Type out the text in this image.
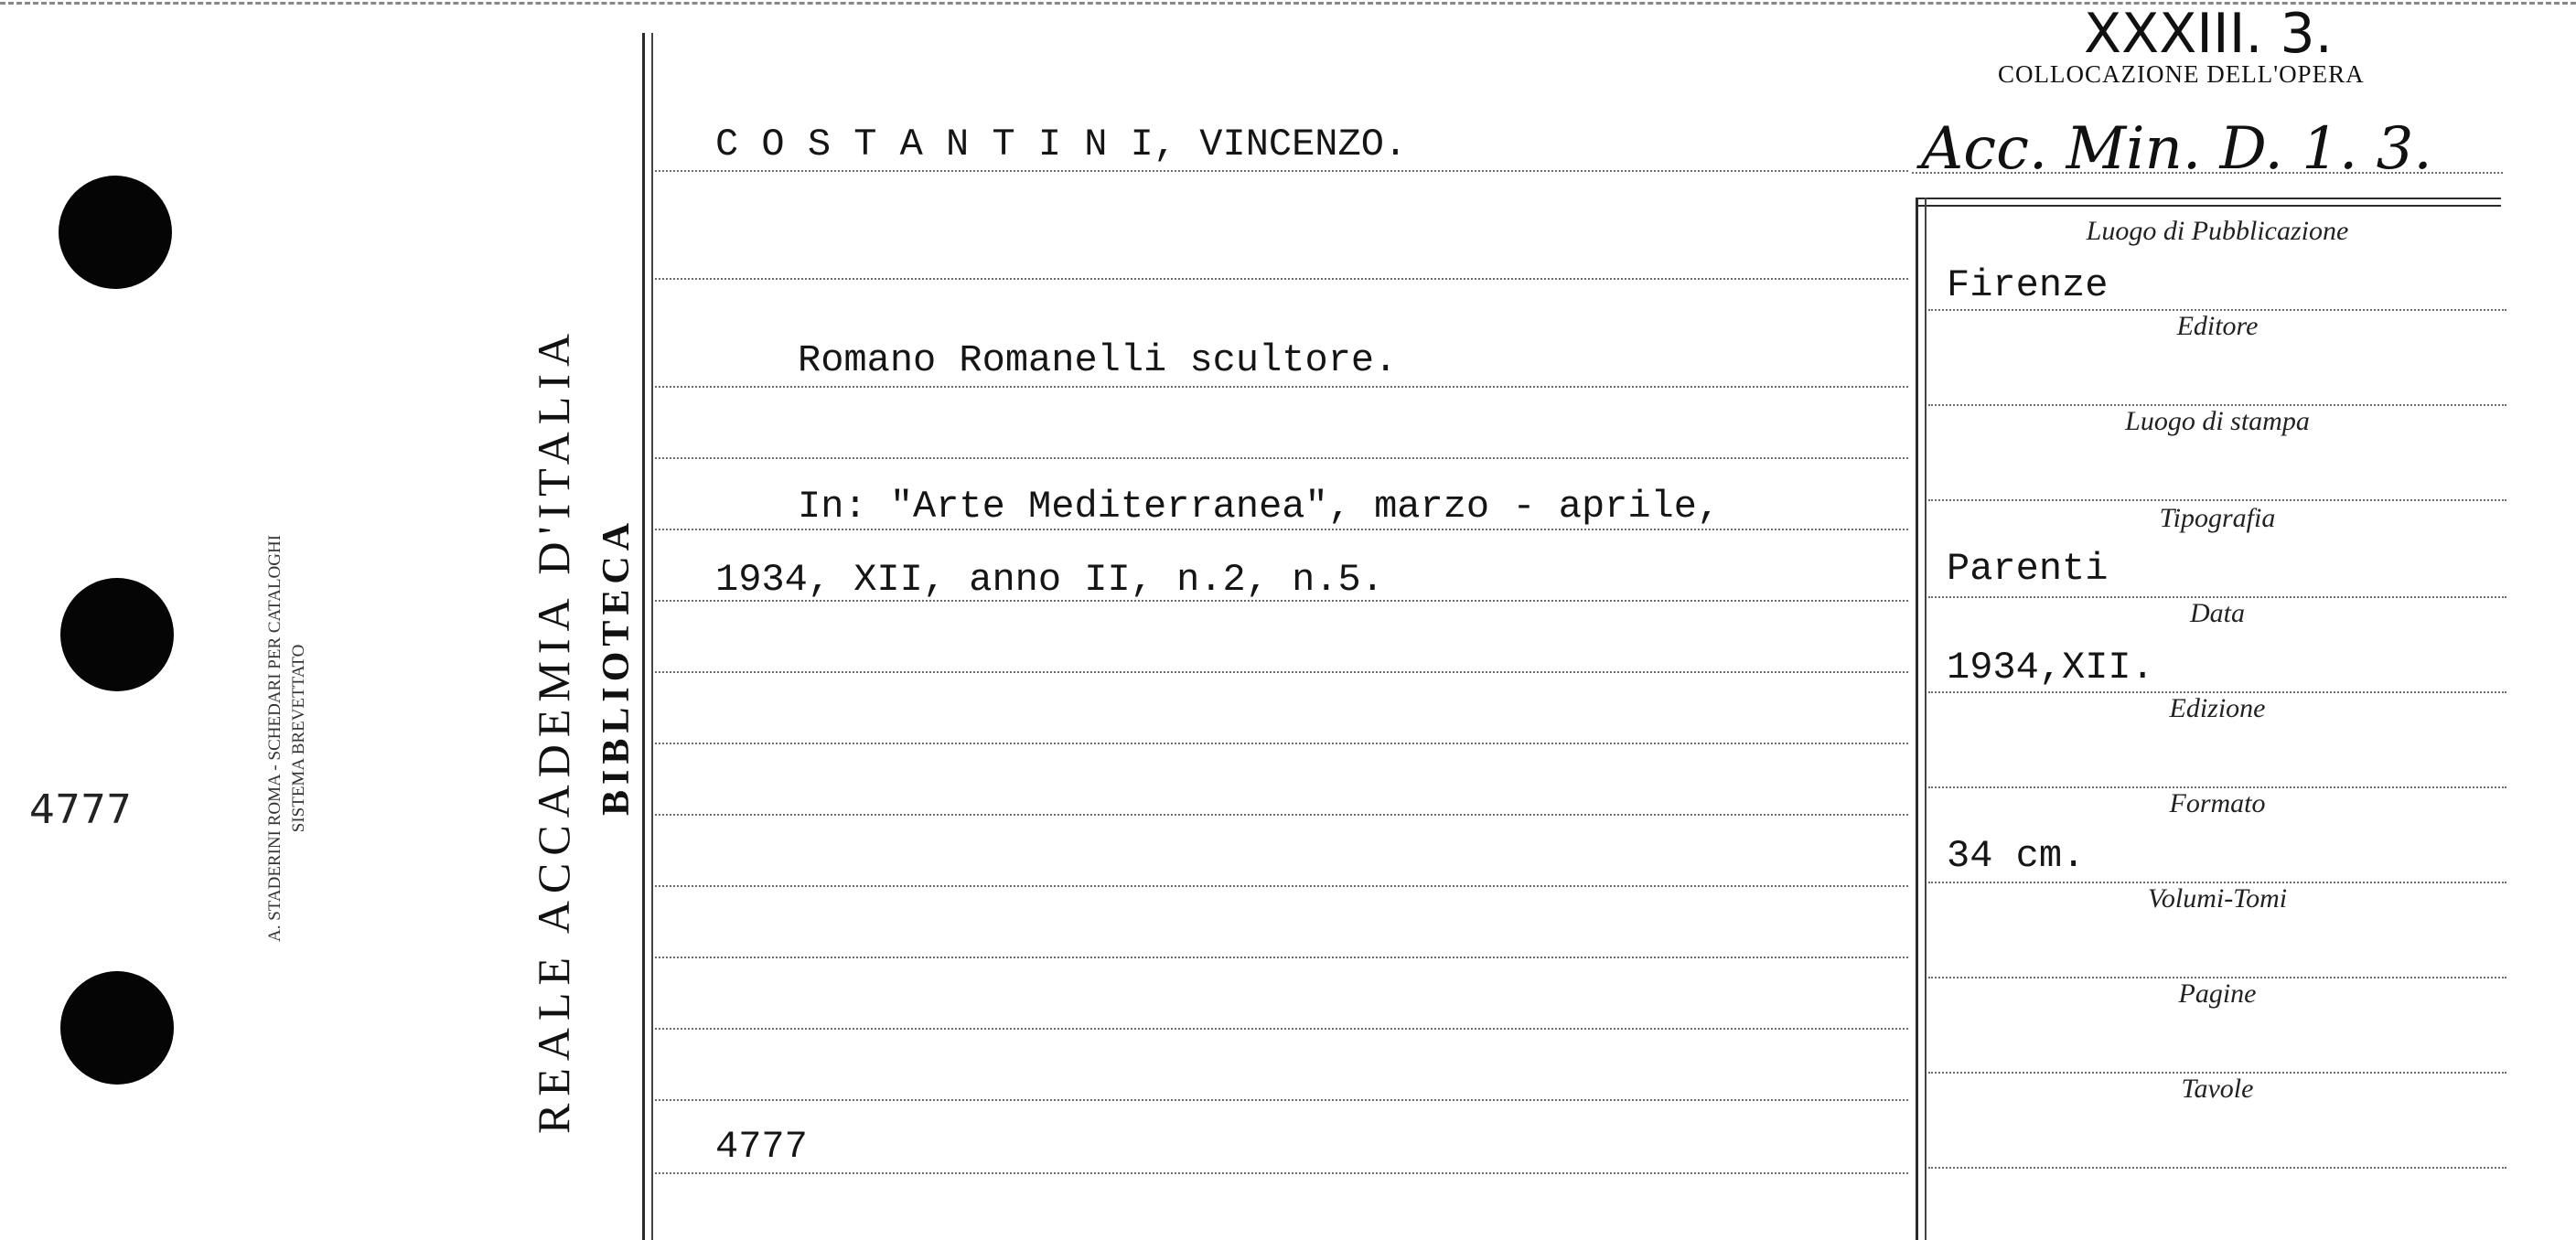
4777	A. STADERINI ROMA - SCHEDARI PER CATALOGHI SISTEMA BREVETTATO	REALE ACCADEMIA D'ITALIA BIBLIOTECA
C O S T A N T I N I, VINCENZO.
Romano Romanelli scultore.
In: "Arte Mediterranea", marzo - aprile,
1934, XII, anno II, n.2, n.5.
4777
XXXIII. 3.
COLLOCAZIONE DELL'OPERA
Acc. Min. D. 1. 3.
Luogo di Pubblicazione
Editore
Luogo di stampa
Tipografia
Data
Edizione
Formato
Volumi-Tomi
Pagine
Tavole
Firenze
Parenti
1934,XII.
34 cm.
